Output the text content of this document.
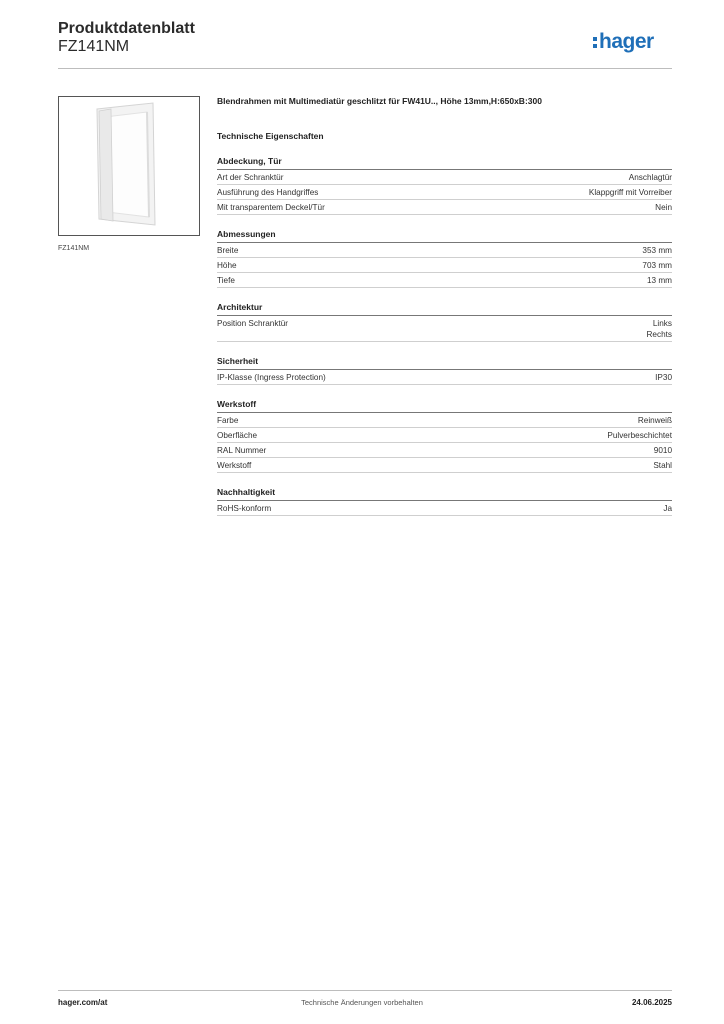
Produktdatenblatt
FZ141NM	hager
FZ141NM
Blendrahmen mit Multimediatür geschlitzt für FW41U.., Höhe 13mm,H:650xB:300
Technische Eigenschaften
Abdeckung, Tür
Art der Schranktür	Anschlagtür
Ausführung des Handgriffes	Klappgriff mit Vorreiber
Mit transparentem Deckel/Tür	Nein
Abmessungen
Breite	353 mm
Höhe	703 mm
Tiefe	13 mm
Architektur
Position Schranktür	Links
Rechts
Sicherheit
IP-Klasse (Ingress Protection)	IP30
Werkstoff
Farbe	Reinweiß
Oberfläche	Pulverbeschichtet
RAL Nummer	9010
Werkstoff	Stahl
Nachhaltigkeit
RoHS-konform	Ja
hager.com/at	Technische Änderungen vorbehalten	24.06.2025
